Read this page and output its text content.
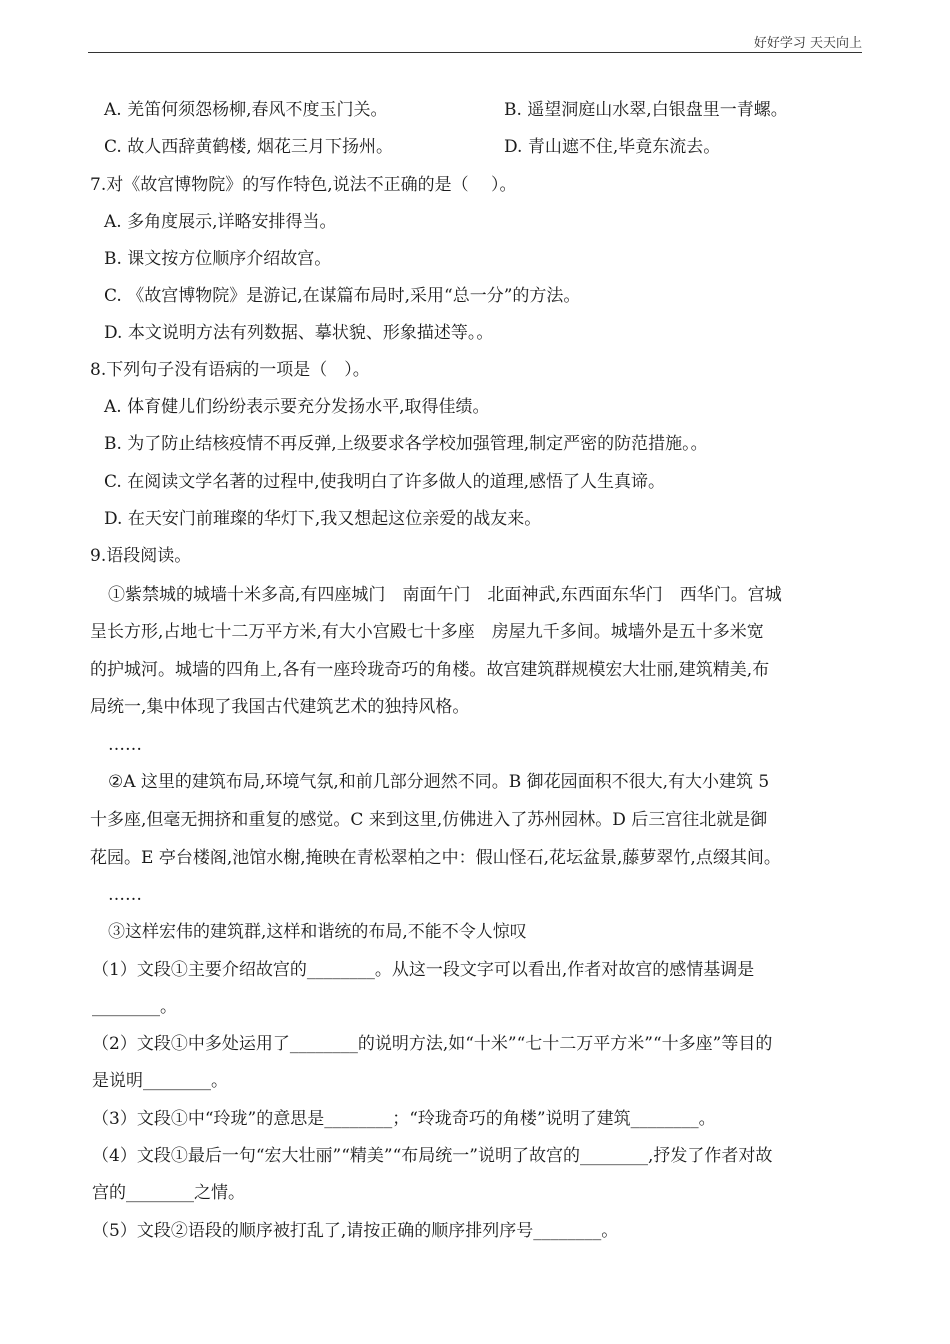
好好学习 天天向上
A. 羌笛何须怨杨柳,春风不度玉门关。	B. 遥望洞庭山水翠,白银盘里一青螺。
C. 故人西辞黄鹤楼, 烟花三月下扬州。	D. 青山遮不住,毕竟东流去。
7.对《故宫博物院》的写作特色,说法不正确的是（　 ）。
A. 多角度展示,详略安排得当。
B. 课文按方位顺序介绍故宫。
C. 《故宫博物院》是游记,在谋篇布局时,采用“总一分”的方法。
D. 本文说明方法有列数据、摹状貌、形象描述等。。
8.下列句子没有语病的一项是（　）。
A. 体育健儿们纷纷表示要充分发扬水平,取得佳绩。
B. 为了防止结核疫情不再反弹,上级要求各学校加强管理,制定严密的防范措施。。
C. 在阅读文学名著的过程中,使我明白了许多做人的道理,感悟了人生真谛。
D. 在天安门前璀璨的华灯下,我又想起这位亲爱的战友来。
9.语段阅读。
①紫禁城的城墙十米多高,有四座城门　南面午门　北面神武,东西面东华门　西华门。宫城
呈长方形,占地七十二万平方米,有大小宫殿七十多座　房屋九千多间。城墙外是五十多米宽
的护城河。城墙的四角上,各有一座玲珑奇巧的角楼。故宫建筑群规模宏大壮丽,建筑精美,布
局统一,集中体现了我国古代建筑艺术的独持风格。
……
②A 这里的建筑布局,环境气氛,和前几部分迥然不同。B 御花园面积不很大,有大小建筑 5
十多座,但毫无拥挤和重复的感觉。C 来到这里,仿佛进入了苏州园林。D 后三宫往北就是御
花园。E 亭台楼阁,池馆水榭,掩映在青松翠柏之中：假山怪石,花坛盆景,藤萝翠竹,点缀其间。
……
③这样宏伟的建筑群,这样和谐统的布局,不能不令人惊叹
（1）文段①主要介绍故宫的________。从这一段文字可以看出,作者对故宫的感情基调是
________。
（2）文段①中多处运用了________的说明方法,如“十米”“七十二万平方米”“十多座”等目的
是说明________。
（3）文段①中“玲珑”的意思是________；“玲珑奇巧的角楼”说明了建筑________。
（4）文段①最后一句“宏大壮丽”“精美”“布局统一”说明了故宫的________,抒发了作者对故
宫的________之情。
（5）文段②语段的顺序被打乱了,请按正确的顺序排列序号________。
